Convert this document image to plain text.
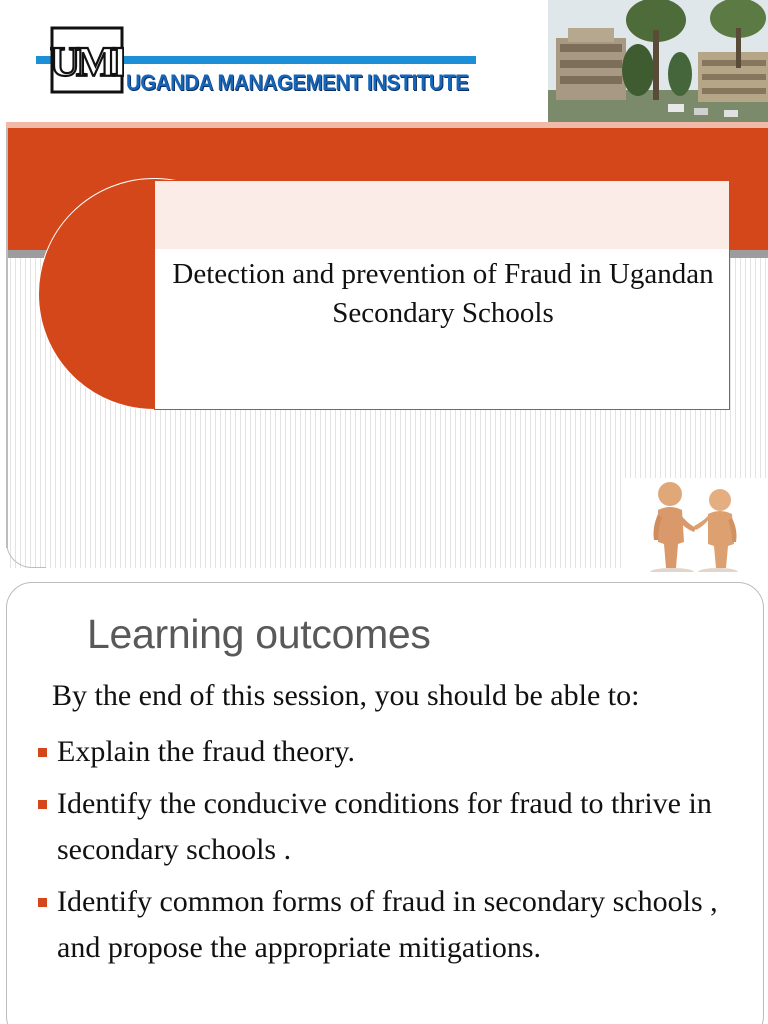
UMI UGANDA MANAGEMENT INSTITUTE
Detection and prevention of Fraud in Ugandan Secondary Schools
Learning outcomes
By the end of this session, you should be able to:
Explain the fraud theory.
Identify the conducive conditions for fraud to thrive in secondary schools .
Identify common forms of fraud in secondary schools , and propose the appropriate mitigations.
